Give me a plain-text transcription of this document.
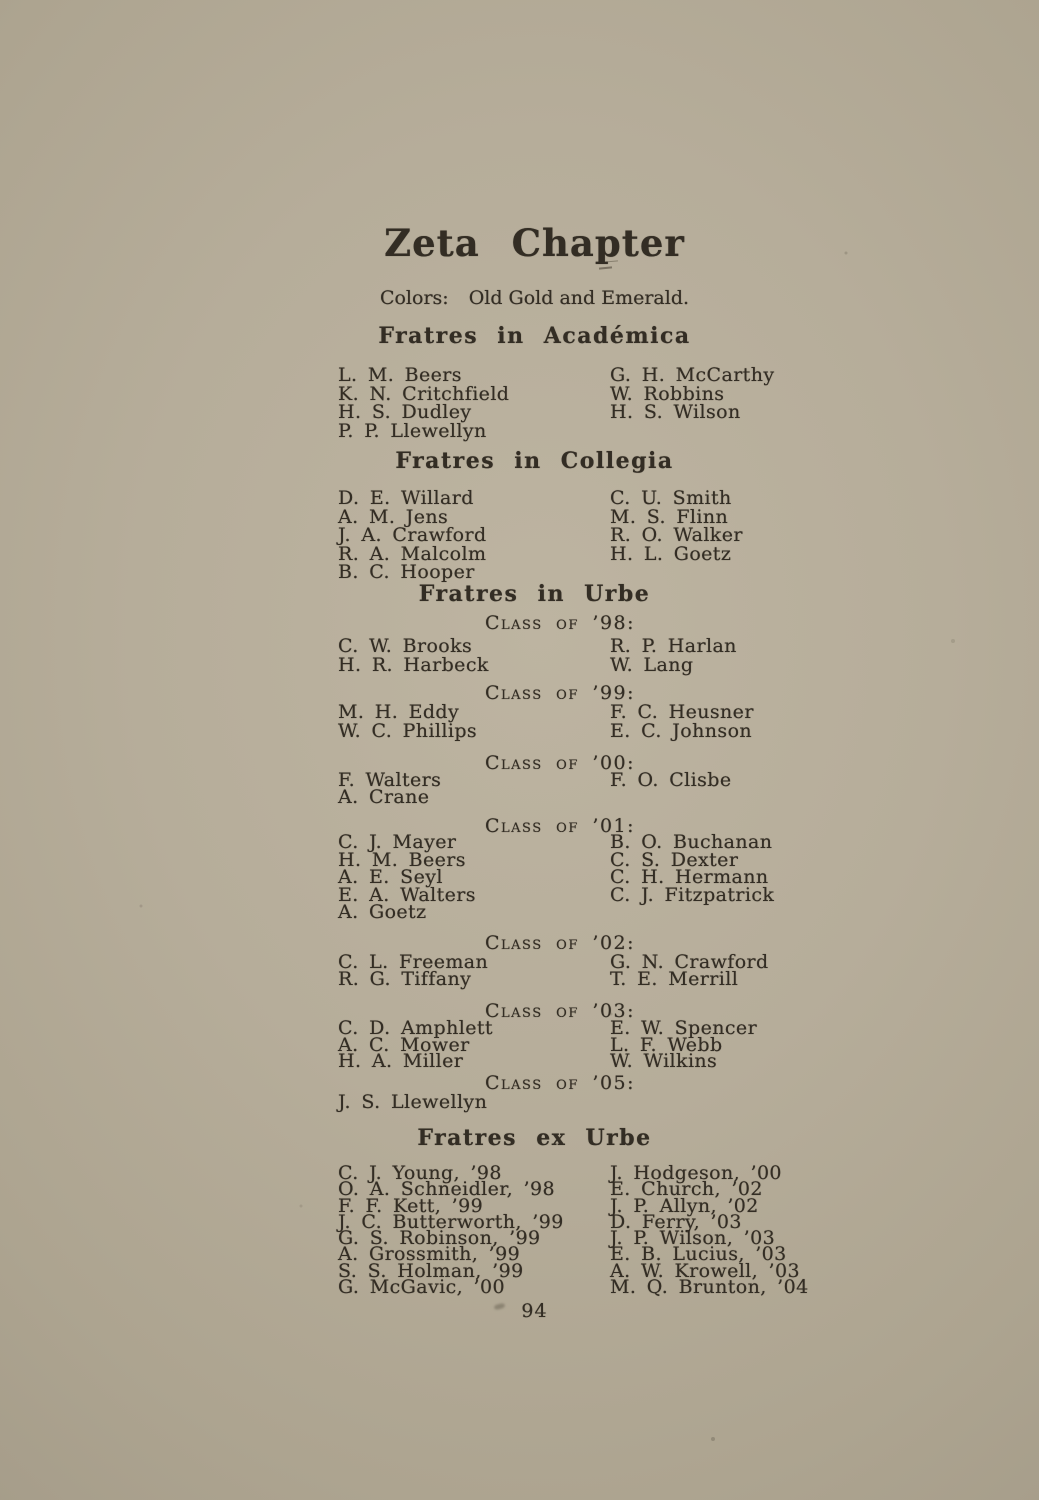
Zeta Chapter
Colors: Old Gold and Emerald.
Fratres in Académica
L. M. Beers
K. N. Critchfield
H. S. Dudley
P. P. Llewellyn
G. H. McCarthy
W. Robbins
H. S. Wilson
Fratres in Collegia
D. E. Willard
A. M. Jens
J. A. Crawford
R. A. Malcolm
B. C. Hooper
C. U. Smith
M. S. Flinn
R. O. Walker
H. L. Goetz
Fratres in Urbe
Class of ’98:
C. W. Brooks
H. R. Harbeck
R. P. Harlan
W. Lang
Class of ’99:
M. H. Eddy
W. C. Phillips
F. C. Heusner
E. C. Johnson
Class of ’00:
F. Walters
A. Crane
F. O. Clisbe
Class of ’01:
C. J. Mayer
H. M. Beers
A. E. Seyl
E. A. Walters
A. Goetz
B. O. Buchanan
C. S. Dexter
C. H. Hermann
C. J. Fitzpatrick
Class of ’02:
C. L. Freeman
R. G. Tiffany
G. N. Crawford
T. E. Merrill
Class of ’03:
C. D. Amphlett
A. C. Mower
H. A. Miller
E. W. Spencer
L. F. Webb
W. Wilkins
Class of ’05:
J. S. Llewellyn
Fratres ex Urbe
C. J. Young, ’98
O. A. Schneidler, ’98
F. F. Kett, ’99
J. C. Butterworth, ’99
G. S. Robinson, ’99
A. Grossmith, ’99
S. S. Holman, ’99
G. McGavic, ’00
J. Hodgeson, ’00
E. Church, ’02
J. P. Allyn, ’02
D. Ferry, ’03
J. P. Wilson, ’03
E. B. Lucius, ’03
A. W. Krowell, ’03
M. Q. Brunton, ’04
94
